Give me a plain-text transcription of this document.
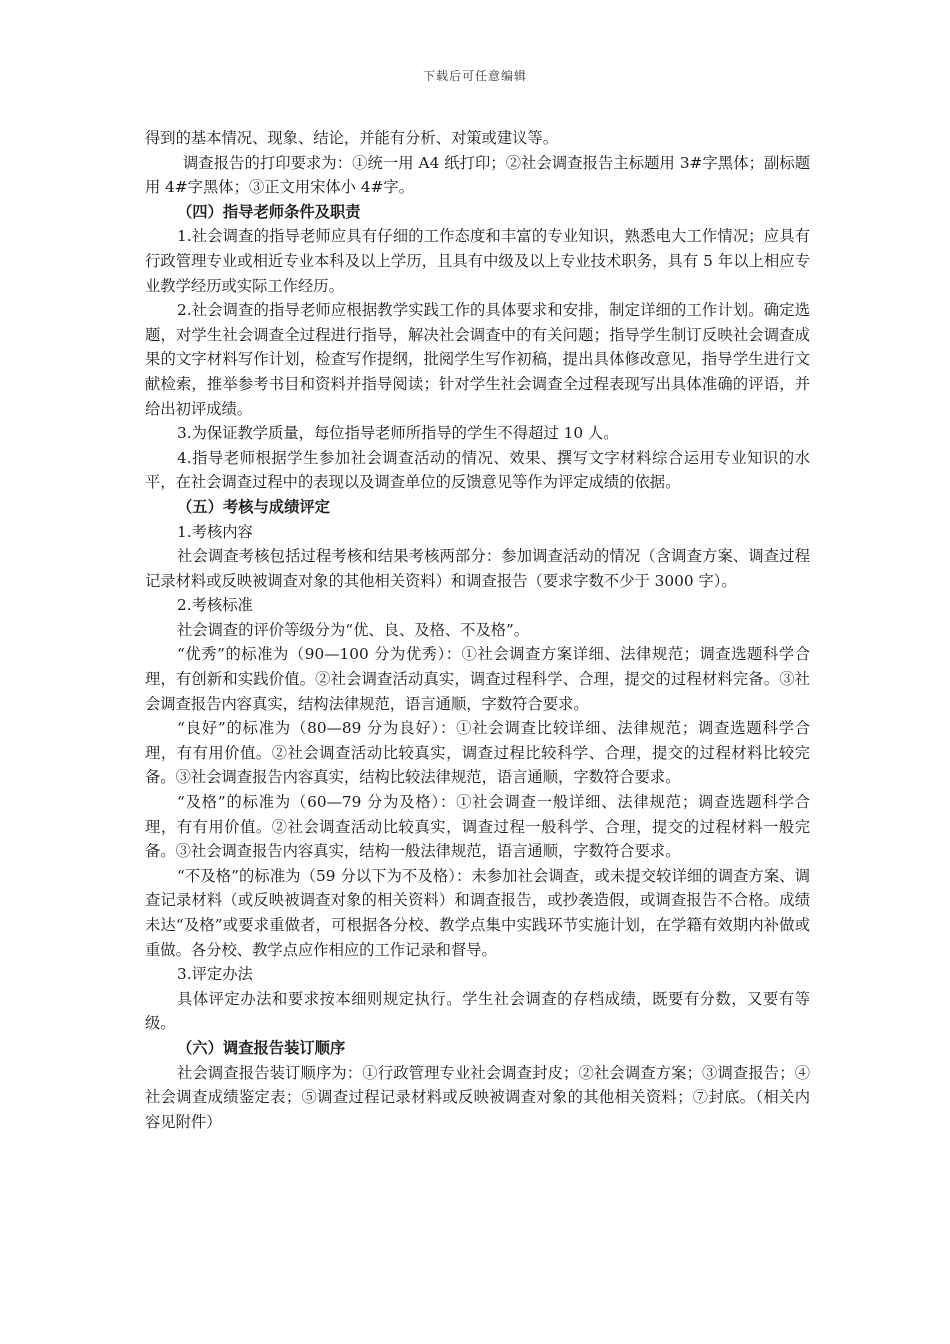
下载后可任意编辑

得到的基本情况、现象、结论，并能有分析、对策或建议等。

调查报告的打印要求为：①统一用 A4 纸打印；②社会调查报告主标题用 3#字黑体；副标题用 4#字黑体；③正文用宋体小 4#字。

（四）指导老师条件及职责

1.社会调查的指导老师应具有仔细的工作态度和丰富的专业知识，熟悉电大工作情况；应具有行政管理专业或相近专业本科及以上学历，且具有中级及以上专业技术职务，具有 5 年以上相应专业教学经历或实际工作经历。

2.社会调查的指导老师应根据教学实践工作的具体要求和安排，制定详细的工作计划。确定选题，对学生社会调查全过程进行指导，解决社会调查中的有关问题；指导学生制订反映社会调查成果的文字材料写作计划，检查写作提纲，批阅学生写作初稿，提出具体修改意见，指导学生进行文献检索，推举参考书目和资料并指导阅读；针对学生社会调查全过程表现写出具体准确的评语，并给出初评成绩。

3.为保证教学质量，每位指导老师所指导的学生不得超过 10 人。

4.指导老师根据学生参加社会调查活动的情况、效果、撰写文字材料综合运用专业知识的水平，在社会调查过程中的表现以及调查单位的反馈意见等作为评定成绩的依据。

（五）考核与成绩评定

1.考核内容

社会调查考核包括过程考核和结果考核两部分：参加调查活动的情况（含调查方案、调查过程记录材料或反映被调查对象的其他相关资料）和调查报告（要求字数不少于 3000 字）。

2.考核标准

社会调查的评价等级分为“优、良、及格、不及格”。

“优秀”的标准为（90—100 分为优秀）：①社会调查方案详细、法律规范；调查选题科学合理，有创新和实践价值。②社会调查活动真实，调查过程科学、合理，提交的过程材料完备。③社会调查报告内容真实，结构法律规范，语言通顺，字数符合要求。

“良好”的标准为（80—89 分为良好）：①社会调查比较详细、法律规范；调查选题科学合理，有有用价值。②社会调查活动比较真实，调查过程比较科学、合理，提交的过程材料比较完备。③社会调查报告内容真实，结构比较法律规范，语言通顺，字数符合要求。

“及格”的标准为（60—79 分为及格）：①社会调查一般详细、法律规范；调查选题科学合理，有有用价值。②社会调查活动比较真实，调查过程一般科学、合理，提交的过程材料一般完备。③社会调查报告内容真实，结构一般法律规范，语言通顺，字数符合要求。

“不及格”的标准为（59 分以下为不及格）：未参加社会调查，或未提交较详细的调查方案、调查记录材料（或反映被调查对象的相关资料）和调查报告，或抄袭造假，或调查报告不合格。成绩未达“及格”或要求重做者，可根据各分校、教学点集中实践环节实施计划，在学籍有效期内补做或重做。各分校、教学点应作相应的工作记录和督导。

3.评定办法

具体评定办法和要求按本细则规定执行。学生社会调查的存档成绩，既要有分数，又要有等级。

（六）调查报告装订顺序

社会调查报告装订顺序为：①行政管理专业社会调查封皮；②社会调查方案；③调查报告；④社会调查成绩鉴定表；⑤调查过程记录材料或反映被调查对象的其他相关资料；⑦封底。（相关内容见附件）
